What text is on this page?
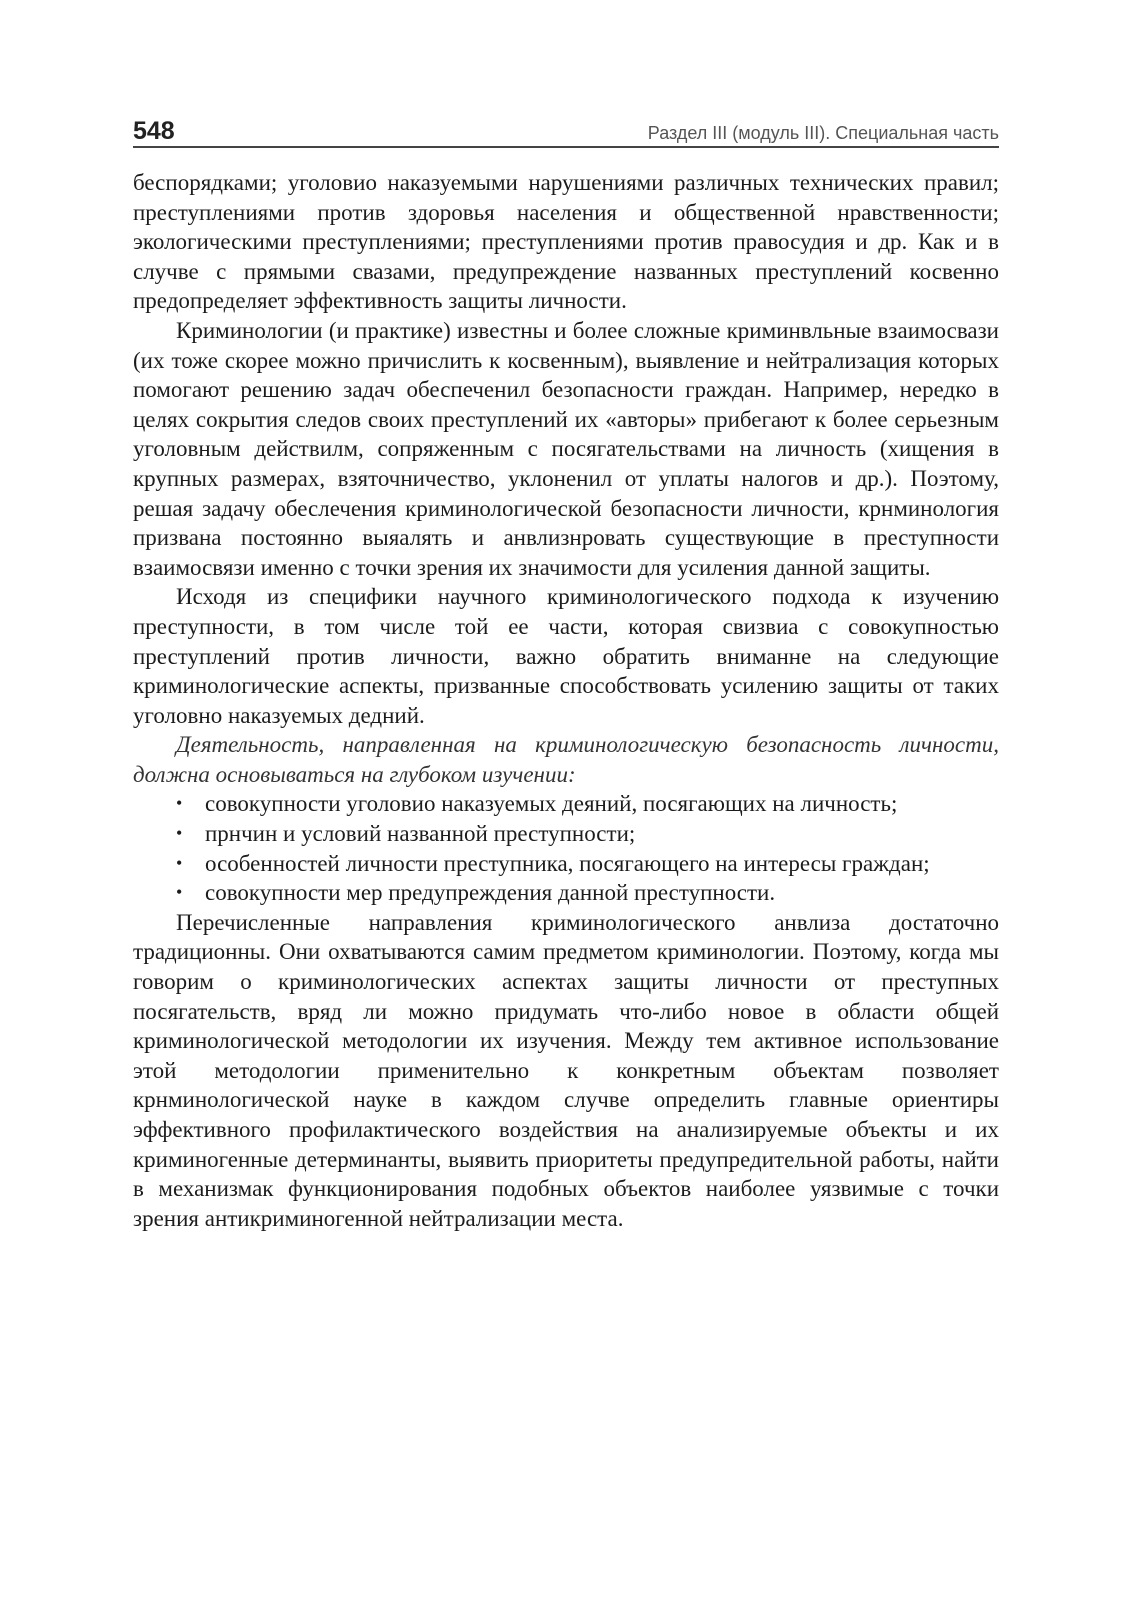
548	Раздел III (модуль III). Специальная часть

беспорядками; уголовио наказуемыми нарушениями различных технических правил; преступлениями против здоровья населения и общественной нравственности; экологическими преступлениями; преступлениями против правосудия и др. Как и в случве с прямыми свазами, предупреждение названных преступлений косвенно предопределяет эффективность защиты личности.

Криминологии (и практике) известны и более сложные криминвльные взаимосвази (их тоже скорее можно причислить к косвенным), выявление и нейтрализация которых помогают решению задач обеспеченил безопасности граждан. Например, нередко в целях сокрытия следов своих преступлений их «авторы» прибегают к более серьезным уголовным действилм, сопряженным с посягательствами на личность (хищения в крупных размерах, взяточничество, уклоненил от уплаты налогов и др.). Поэтому, решая задачу обеслечения криминологической безопасности личности, крнминология призвана постоянно выяалять и анвлизнровать существующие в преступности взаимосвязи именно с точки зрения их значимости для усиления данной защиты.

Исходя из специфики научного криминологического подхода к изучению преступности, в том числе той ее части, которая свизвиа с совокупностью преступлений против личности, важно обратить вниманне на следующие криминологические аспекты, призванные способствовать усилению защиты от таких уголовно наказуемых дедний.

Деятельность, направленная на криминологическую безопасность личности, должна основываться на глубоком изучении:

• совокупности уголовио наказуемых деяний, посягающих на личность;
• прнчин и условий названной преступности;
• особенностей личности преступника, посягающего на интересы граждан;
• совокупности мер предупреждения данной преступности.

Перечисленные направления криминологического анвлиза достаточно традиционны. Они охватываются самим предметом криминологии. Поэтому, когда мы говорим о криминологических аспектах защиты личности от преступных посягательств, вряд ли можно придумать что-либо новое в области общей криминологической методологии их изучения. Между тем активное использование этой методологии применительно к конкретным объектам позволяет крнминологической науке в каждом случве определить главные ориентиры эффективного профилактического воздействия на анализируемые объекты и их криминогенные детерминанты, выявить приоритеты предупредительной работы, найти в механизмак функционирования подобных объектов наиболее уязвимые с точки зрения антикриминогенной нейтрализации места.
